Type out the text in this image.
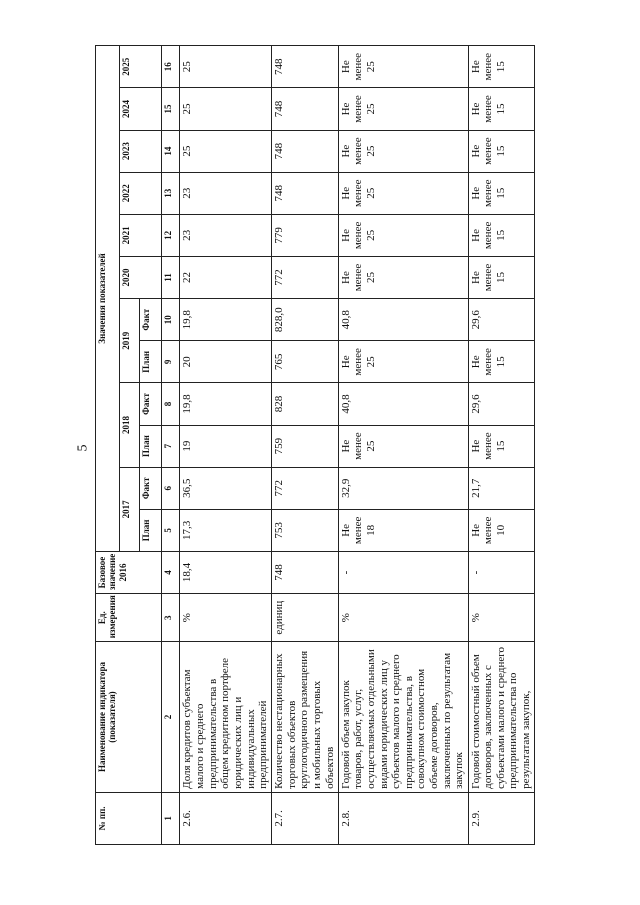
5
№ пп.	Наименование индикатора (показателя)	Ед. измерения	Базовое значение 2016	Значения показателей											
				2017		2018		2019		2020	2021	2022	2023	2024	2025
				План	Факт	План	Факт	План	Факт						
1	2	3	4	5	6	7	8	9	10	11	12	13	14	15	16
2.6.	Доля кредитов субъектам малого и среднего предпринимательства в общем кредитном портфеле юридических лиц и индивидуальных предпринимателей	%	18,4	17,3	36,5	19	19,8	20	19,8	22	23	23	25	25	25
2.7.	Количество нестационарных торговых объектов круглогодичного размещения и мобильных торговых объектов	единиц	748	753	772	759	828	765	828,0	772	779	748	748	748	748
2.8.	Годовой объем закупок товаров, работ, услуг, осуществляемых отдельными видами юридических лиц у субъектов малого и среднего предпринимательства, в совокупном стоимостном объеме договоров, заключенных по результатам закупок	%	-	Не менее 18	32,9	Не менее 25	40,8	Не менее 25	40,8	Не менее 25	Не менее 25	Не менее 25	Не менее 25	Не менее 25	Не менее 25
2.9.	Годовой стоимостный объем договоров, заключенных с субъектами малого и среднего предпринимательства по результатам закупок,	%	-	Не менее 10	21,7	Не менее 15	29,6	Не менее 15	29,6	Не менее 15	Не менее 15	Не менее 15	Не менее 15	Не менее 15	Не менее 15
